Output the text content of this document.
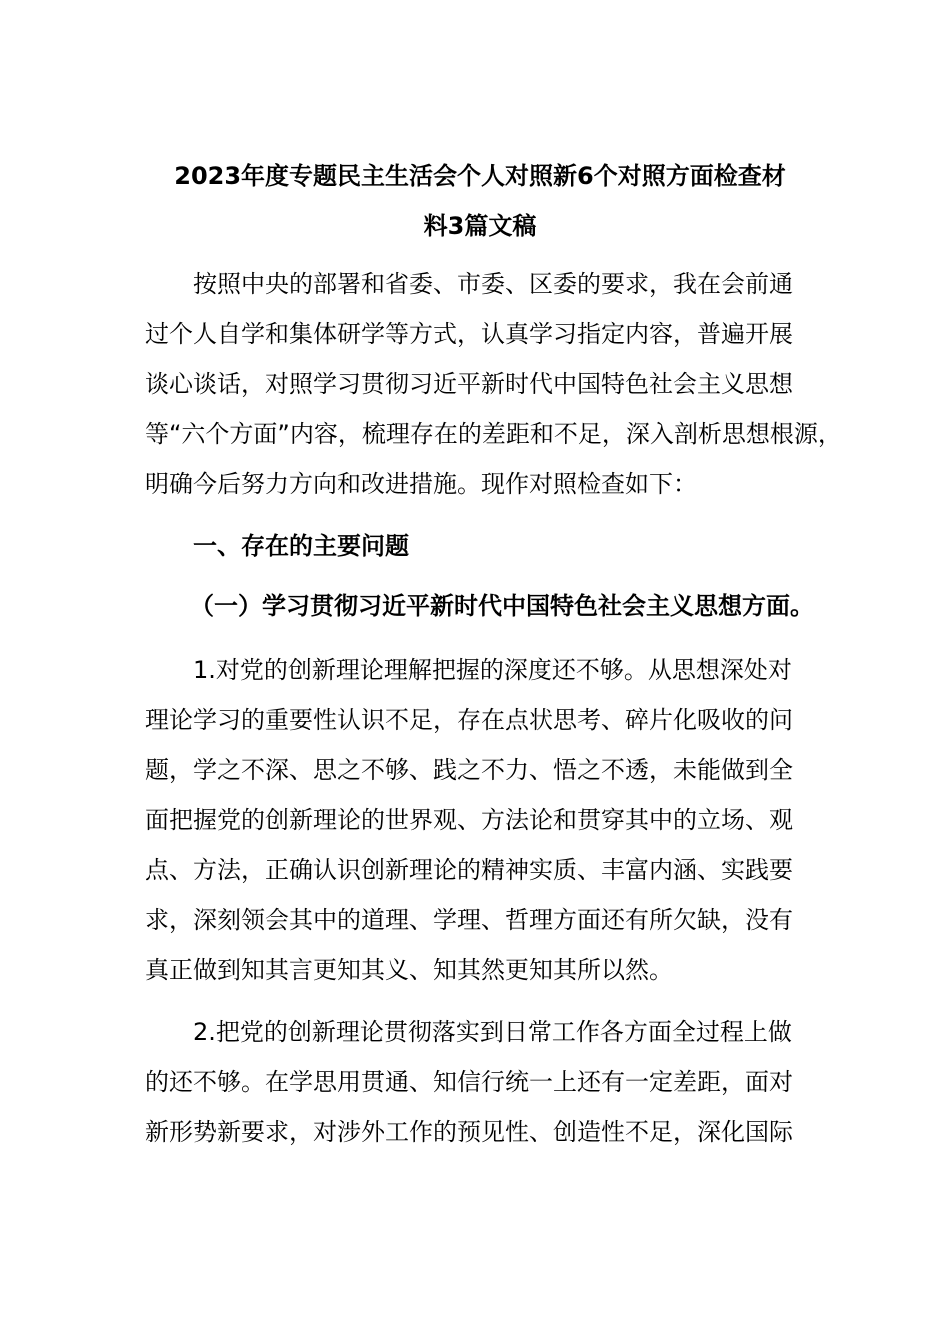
2023年度专题民主生活会个人对照新6个对照方面检查材
料3篇文稿
按照中央的部署和省委、市委、区委的要求，我在会前通
过个人自学和集体研学等方式，认真学习指定内容，普遍开展
谈心谈话，对照学习贯彻习近平新时代中国特色社会主义思想
等“六个方面”内容，梳理存在的差距和不足，深入剖析思想根源，
明确今后努力方向和改进措施。现作对照检查如下：
一、存在的主要问题
（一）学习贯彻习近平新时代中国特色社会主义思想方面。
1.对党的创新理论理解把握的深度还不够。从思想深处对
理论学习的重要性认识不足，存在点状思考、碎片化吸收的问
题，学之不深、思之不够、践之不力、悟之不透，未能做到全
面把握党的创新理论的世界观、方法论和贯穿其中的立场、观
点、方法，正确认识创新理论的精神实质、丰富内涵、实践要
求，深刻领会其中的道理、学理、哲理方面还有所欠缺，没有
真正做到知其言更知其义、知其然更知其所以然。
2.把党的创新理论贯彻落实到日常工作各方面全过程上做
的还不够。在学思用贯通、知信行统一上还有一定差距，面对
新形势新要求，对涉外工作的预见性、创造性不足，深化国际
